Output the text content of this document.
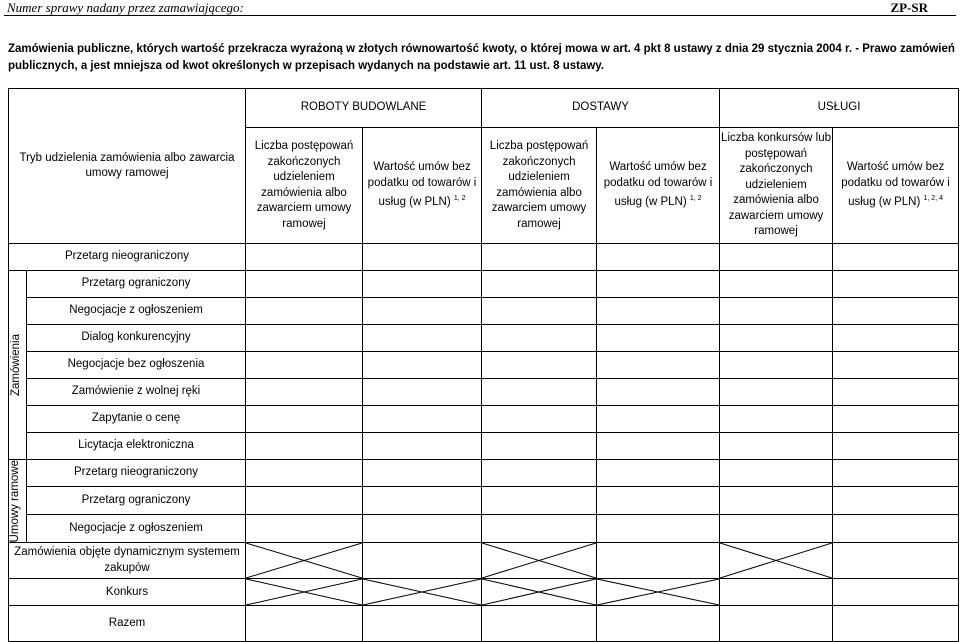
Numer sprawy nadany przez zamawiającego:	ZP-SR
Zamówienia publiczne, których wartość przekracza wyrażoną w złotych równowartość kwoty, o której mowa w art. 4 pkt 8 ustawy z dnia 29 stycznia 2004 r. - Prawo zamówień publicznych, a jest mniejsza od kwot określonych w przepisach wydanych na podstawie art. 11 ust. 8 ustawy.
Tryb udzielenia zamówienia albo zawarcia umowy ramowej		ROBOTY BUDOWLANE		DOSTAWY		USŁUGI	
		Liczba postępowań zakończonych udzieleniem zamówienia albo zawarciem umowy ramowej	Wartość umów bez podatku od towarów i usług (w PLN) $^{1, 2}$	Liczba postępowań zakończonych udzieleniem zamówienia albo zawarciem umowy ramowej	Wartość umów bez podatku od towarów i usług (w PLN) $^{1, 2}$	Liczba konkursów lub postępowań zakończonych udzieleniem zamówienia albo zawarciem umowy ramowej	Wartość umów bez podatku od towarów i usług (w PLN) $^{1, 2, 4}$
Przetarg nieograniczony							

Zamówienia	Przetarg ograniczony						
	Negocjacje z ogłoszeniem						
	Dialog konkurencyjny						
	Negocjacje bez ogłoszenia						
	Zamówienie z wolnej ręki						
	Zapytanie o cenę						
	Licytacja elektroniczna						

Umowy ramowe	Przetarg nieograniczony						
	Przetarg ograniczony						
	Negocjacje z ogłoszeniem						
Zamówienia objęte dynamicznym systemem zakupów	

Konkurs	

Razem							
